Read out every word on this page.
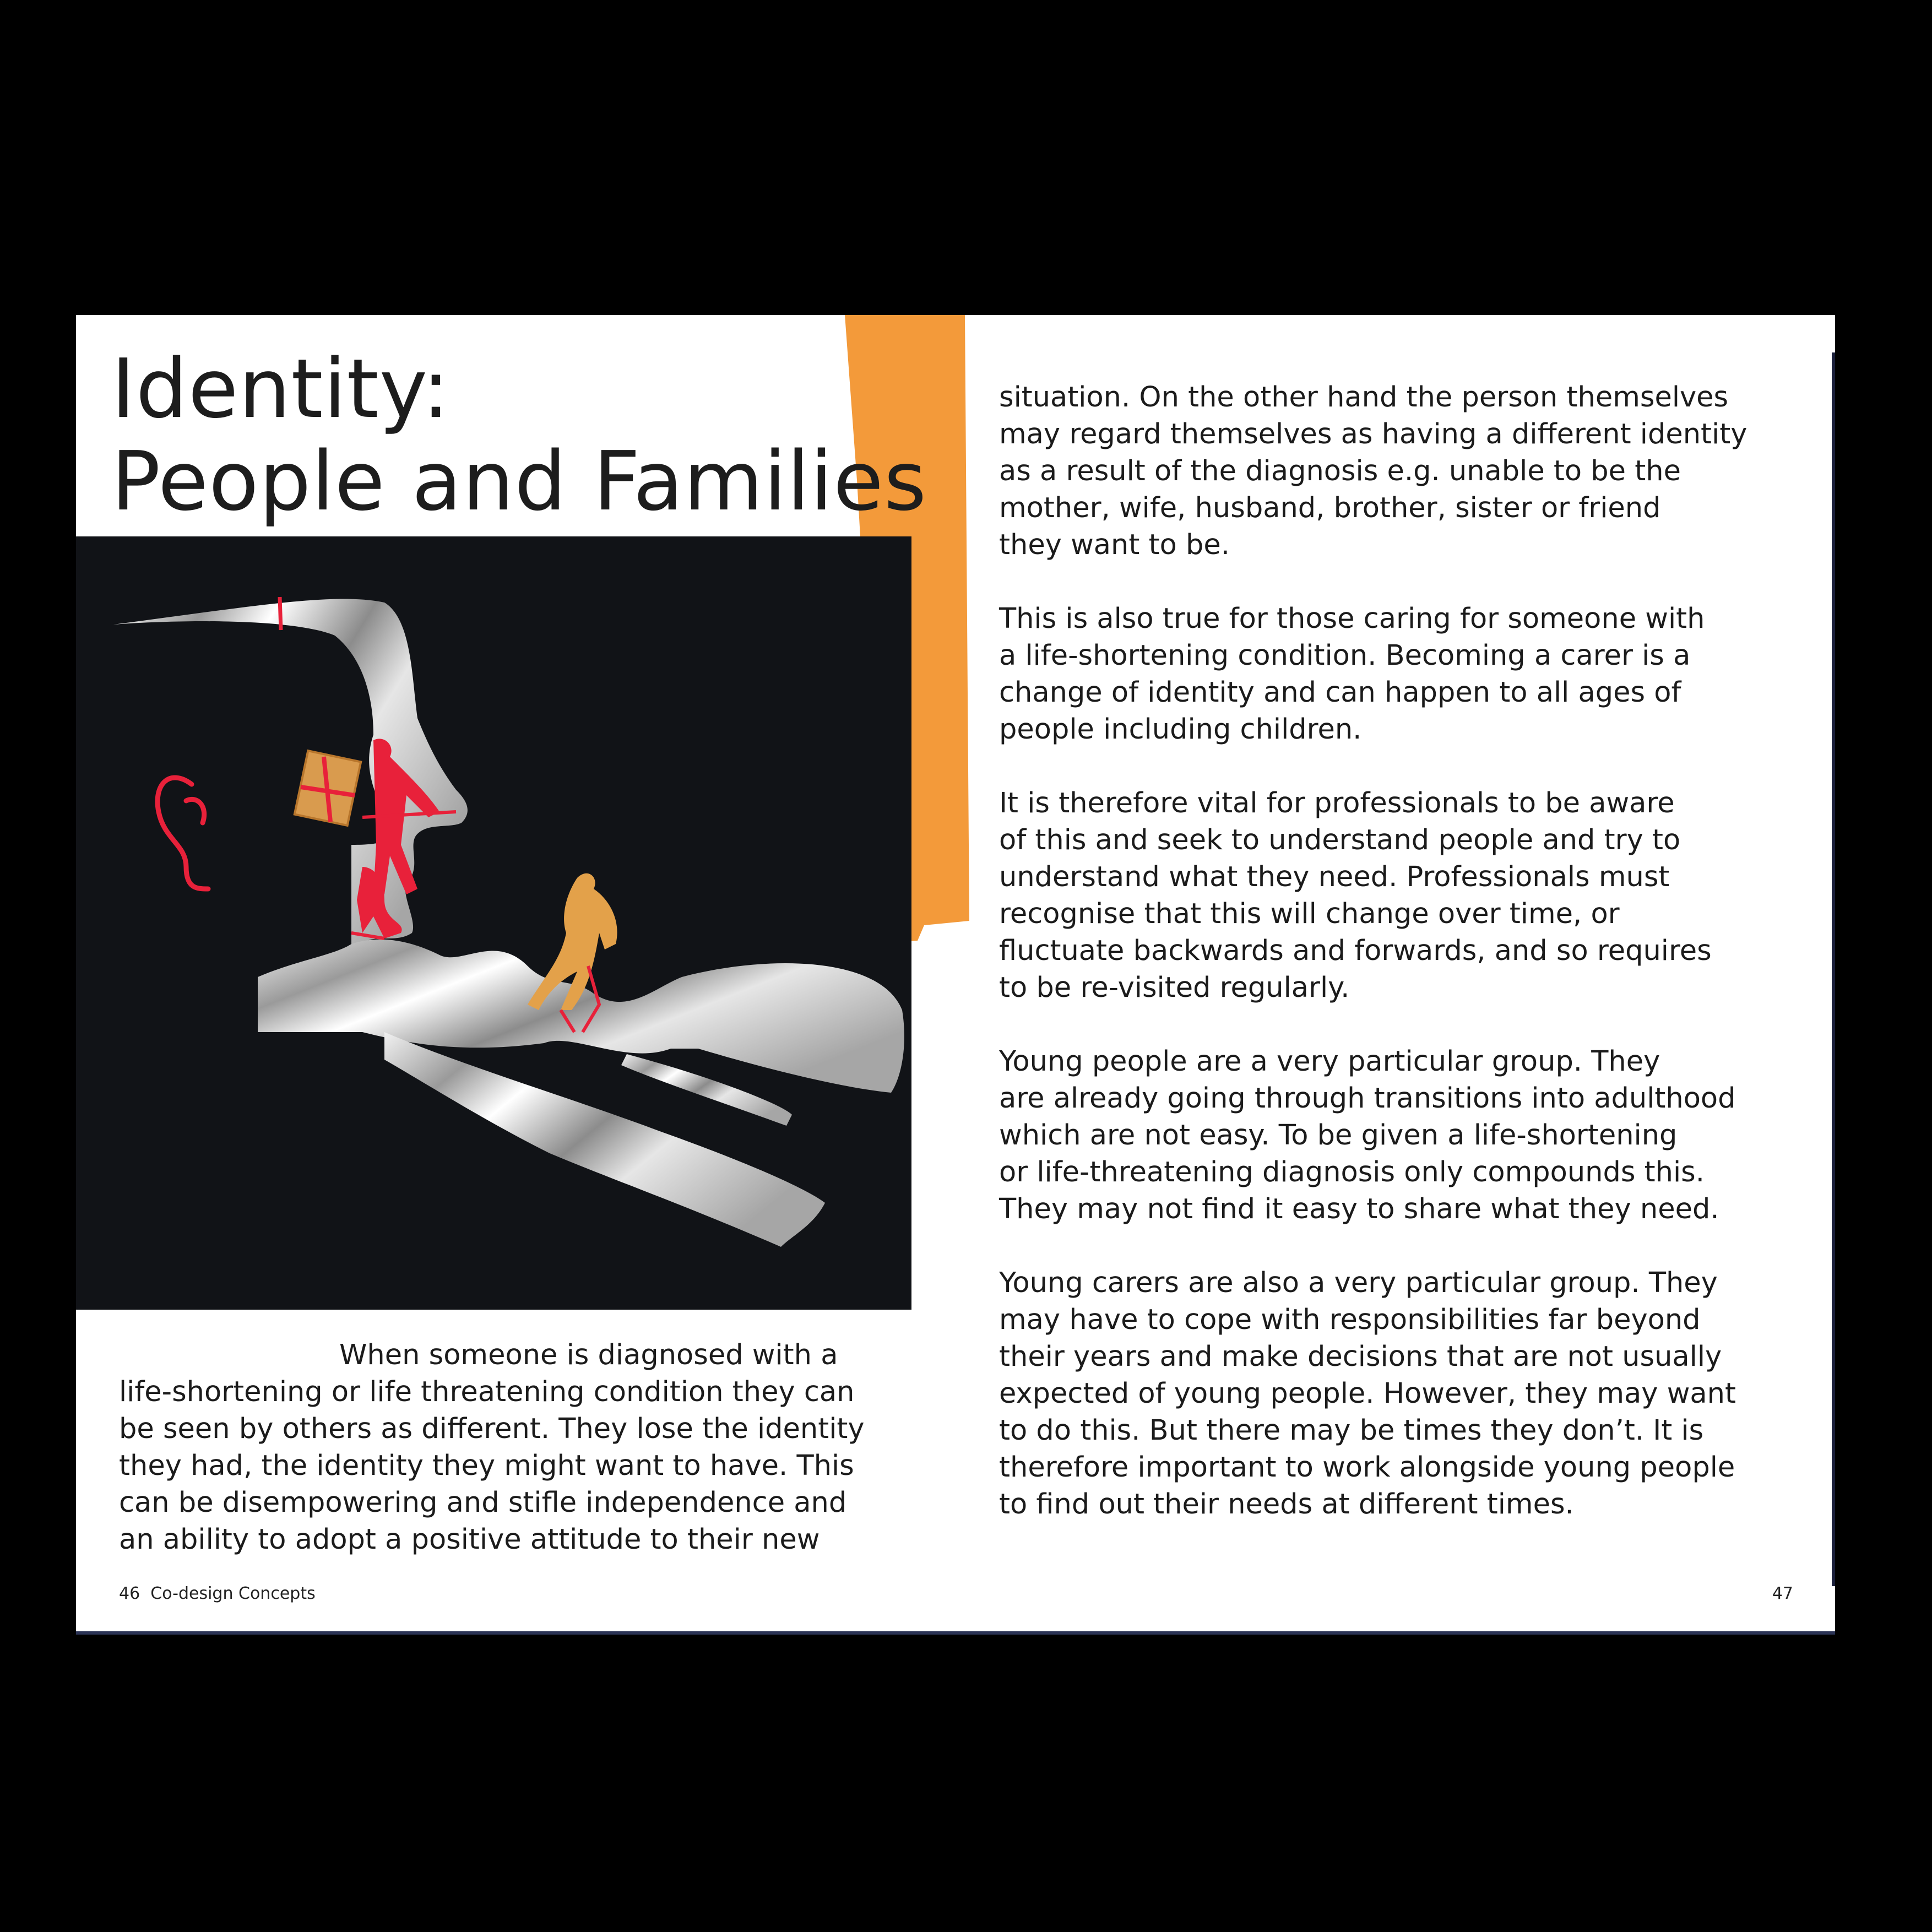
Identity:
People and Families
When someone is diagnosed with a
life-shortening or life threatening condition they can
be seen by others as different. They lose the identity
they had, the identity they might want to have. This
can be disempowering and stifle independence and
an ability to adopt a positive attitude to their new

situation. On the other hand the person themselves
may regard themselves as having a different identity
as a result of the diagnosis e.g. unable to be the
mother, wife, husband, brother, sister or friend
they want to be.

This is also true for those caring for someone with
a life-shortening condition. Becoming a carer is a
change of identity and can happen to all ages of
people including children.

It is therefore vital for professionals to be aware
of this and seek to understand people and try to
understand what they need. Professionals must
recognise that this will change over time, or
fluctuate backwards and forwards, and so requires
to be re-visited regularly.

Young people are a very particular group. They
are already going through transitions into adulthood
which are not easy. To be given a life-shortening
or life-threatening diagnosis only compounds this.
They may not find it easy to share what they need.

Young carers are also a very particular group. They
may have to cope with responsibilities far beyond
their years and make decisions that are not usually
expected of young people. However, they may want
to do this. But there may be times they don’t. It is
therefore important to work alongside young people
to find out their needs at different times.

46 Co-design Concepts	47
